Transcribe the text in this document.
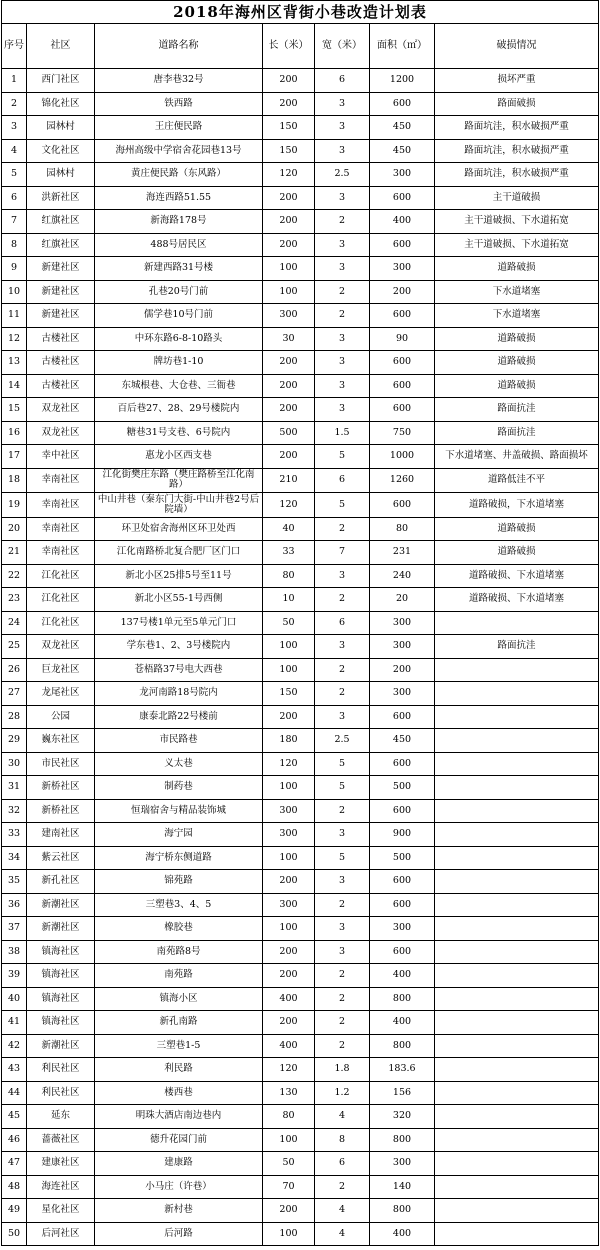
2018年海州区背街小巷改造计划表
序号	社区	道路名称	长（米）	宽（米）	面积（㎡）	破损情况
1	西门社区	唐李巷32号	200	6	1200	损坏严重
2	锦化社区	铁西路	200	3	600	路面破损
3	园林村	王庄便民路	150	3	450	路面坑洼，积水破损严重
4	文化社区	海州高级中学宿舍花园巷13号	150	3	450	路面坑洼，积水破损严重
5	园林村	黄庄便民路（东风路）	120	2.5	300	路面坑洼，积水破损严重
6	洪新社区	海连西路51.55	200	3	600	主干道破损
7	红旗社区	新海路178号	200	2	400	主干道破损、下水道拓宽
8	红旗社区	488号居民区	200	3	600	主干道破损、下水道拓宽
9	新建社区	新建西路31号楼	100	3	300	道路破损
10	新建社区	孔巷20号门前	100	2	200	下水道堵塞
11	新建社区	儒学巷10号门前	300	2	600	下水道堵塞
12	古楼社区	中环东路6-8-10路头	30	3	90	道路破损
13	古楼社区	牌坊巷1-10	200	3	600	道路破损
14	古楼社区	东城根巷、大仓巷、三衙巷	200	3	600	道路破损
15	双龙社区	百后巷27、28、29号楼院内	200	3	600	路面抗洼
16	双龙社区	糖巷31号支巷、6号院内	500	1.5	750	路面抗洼
17	幸中社区	惠龙小区西支巷	200	5	1000	下水道堵塞、井盖破损、路面损坏
18	幸南社区	江化街樊庄东路（樊庄路桥至江化南路）	210	6	1260	道路低洼不平
19	幸南社区	中山井巷（秦东门大街-中山井巷2号后院墙）	120	5	600	道路破损，下水道堵塞
20	幸南社区	环卫处宿舍海州区环卫处西	40	2	80	道路破损
21	幸南社区	江化南路桥北复合肥厂区门口	33	7	231	道路破损
22	江化社区	新北小区25排5号至11号	80	3	240	道路破损、下水道堵塞
23	江化社区	新北小区55-1号西侧	10	2	20	道路破损、下水道堵塞
24	江化社区	137号楼1单元至5单元门口	50	6	300	
25	双龙社区	学东巷1、2、3号楼院内	100	3	300	路面抗洼
26	巨龙社区	苍梧路37号电大西巷	100	2	200	
27	龙尾社区	龙河南路18号院内	150	2	300	
28	公园	康泰北路22号楼前	200	3	600	
29	巍东社区	市民路巷	180	2.5	450	
30	市民社区	义太巷	120	5	600	
31	新桥社区	制药巷	100	5	500	
32	新桥社区	恒瑞宿舍与精品装饰城	300	2	600	
33	建南社区	海宁园	300	3	900	
34	紫云社区	海宁桥东侧道路	100	5	500	
35	新孔社区	锦苑路	200	3	600	
36	新潮社区	三塑巷3、4、5	300	2	600	
37	新潮社区	橡胶巷	100	3	300	
38	镇海社区	南苑路8号	200	3	600	
39	镇海社区	南苑路	200	2	400	
40	镇海社区	镇海小区	400	2	800	
41	镇海社区	新孔南路	200	2	400	
42	新潮社区	三塑巷1-5	400	2	800	
43	利民社区	利民路	120	1.8	183.6	
44	利民社区	楼西巷	130	1.2	156	
45	延东	明珠大酒店南边巷内	80	4	320	
46	蔷薇社区	德升花园门前	100	8	800	
47	建康社区	建康路	50	6	300	
48	海连社区	小马庄（许巷）	70	2	140	
49	星化社区	新村巷	200	4	800	
50	后河社区	后河路	100	4	400	
